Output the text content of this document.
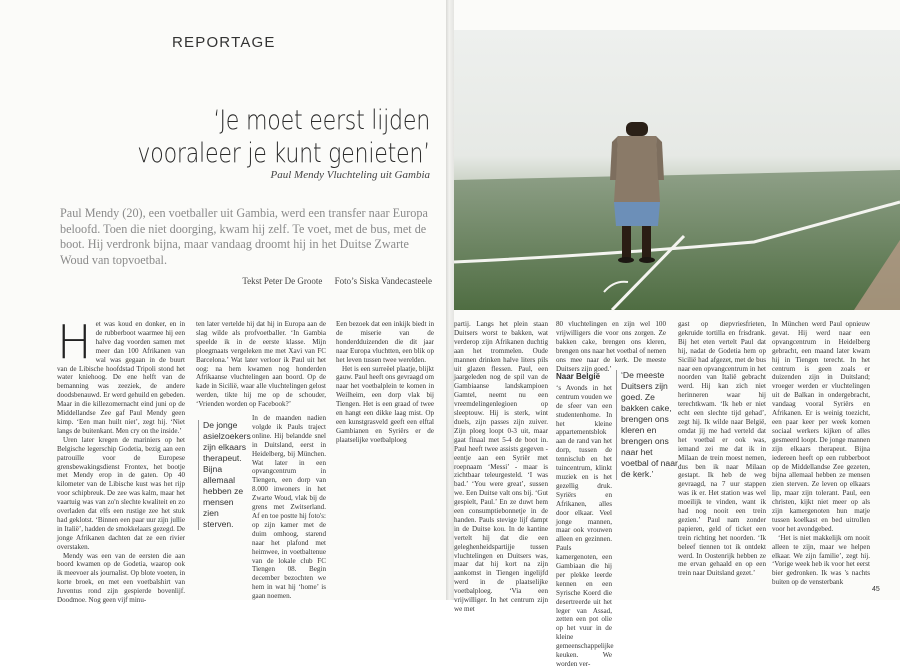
REPORTAGE
‘Je moet eerst lijden
vooraleer je kunt genieten’
Paul Mendy Vluchteling uit Gambia

Paul Mendy (20), een voetballer uit Gambia, werd een transfer naar Europa beloofd. Toen die niet doorging, kwam hij zelf. Te voet, met de bus, met de boot. Hij verdronk bijna, maar vandaag droomt hij in het Duitse Zwarte Woud van topvoetbal.

Tekst Peter De Groote Foto’s Siska Vandecasteele

Het was koud en donker, en in de rubberboot waarmee hij een halve dag voorden samen met meer dan 100 Afrikanen van wal was gegaan in de buurt van de Libische hoofdstad Tripoli stond het water kniehoog. De ene helft van de bemanning was zeeziek, de andere doodsbenauwd. Er werd gehuild en gebeden. Maar in die killezomernacht eind juni op de Middellandse Zee gaf Paul Mendy geen kimp. ‘Een man huilt niet’, zegt hij. ‘Niet langs de buitenkant. Men cry on the inside.’

Uren later kregen de mariniers op het Belgische legerschip Godetia, bezig aan een patrouille voor de Europese grensbewakingsdienst Frontex, het bootje met Mendy erop in de gaten. Op 40 kilometer van de Libische kust was het rijp voor schipbreuk. De zee was kalm, maar het vaartuig was van zo'n slechte kwaliteit en zo overladen dat elfs een rustige zee het stuk had geklotst. ‘Binnen een paar uur zijn jullie in Italië’, hadden de smokkelaars gezegd. De jonge Afrikanen dachten dat ze een rivier overstaken.

Mendy was een van de eersten die aan boord kwamen op de Godetia, waarop ook ik meevoer als journalist. Op blote voeten, in korte broek, en met een voetbalshirt van Juventus rond zijn gespierde bovenlijf. Doodmoe. Nog geen vijf minu-

ten later vertelde hij dat hij in Europa aan de slag wilde als profvoetballer. ‘In Gambia speelde ik in de eerste klasse. Mijn ploegmaats vergeleken me met Xavi van FC Barcelona.’ Wat later verloor ik Paul uit het oog: na hem kwamen nog honderden Afrikaanse vluchtelingen aan boord. Op de kade in Sicilië, waar alle vluchtelingen gelost werden, tikte hij me op de schouder, ‘Vrienden worden op Facebook?’

De jonge asielzoekers zijn elkaars therapeut. Bijna allemaal hebben ze mensen zien sterven.

In de maanden nadien volgde ik Pauls traject online. Hij belandde snel in Duitsland, eerst in Heidelberg, bij München. Wat later in een opvangcentrum in Tiengen, een dorp van 8.000 inwoners in het Zwarte Woud, vlak bij de grens met Zwitserland. Af en toe postte hij foto's: op zijn kamer met de duim omhoog, starend naar het plafond met heimwee, in voetbaltenue van de lokale club FC Tiengen 08. Begin december bezochten we hem in wat hij ‘home’ is gaan noemen.

Een bezoek dat een inkijk biedt in de miserie van de honderdduizenden die dit jaar naar Europa vluchtten, een blik op het leven tussen twee werelden.

Het is een surreëel plaatje, blijkt gauw. Paul heeft ons gevraagd om naar het voetbalplein te komen in Weilheim, een dorp vlak bij Tiengen. Het is een graad of twee en hangt een dikke laag mist. Op een kunstgrasveld geeft een elftal Gambianen en Syriërs er de plaatselijke voetbalploeg

partij. Langs het plein staan Duitsers worst te bakken, wat verderop zijn Afrikanen duchtig aan het trommelen. Oude mannen drinken halve liters pils uit glazen flessen. Paul, een jaargeleden nog de spil van de Gambiaanse landskampioen Gamtel, neemt nu een vreemdelingenlegioen op sleeptouw. Hij is sterk, wint duels, zijn passes zijn zuiver. Zijn ploeg loopt 0-3 uit, maar gaat finaal met 5-4 de boot in. Paul heeft twee assists gegeven - eentje aan een Syriër met roepnaam ‘Messi’ - maar is zichtbaar teleurgesteld. ‘I was bad.’ ‘You were great’, sussen we. Een Duitse valt ons bij. ‘Gut gespielt, Paul.’ En ze duwt hem een consumptiebonnetje in de handen. Pauls stevige lijf dampt in de Duitse kou. In de kantine vertelt hij dat die een geleghenheidspartijje tussen vluchtelingen en Duitsers was, maar dat hij kort na zijn aankomst in Tiengen ingelijfd werd in de plaatselijke voetbalploeg. ‘Via een vrijwilliger. In het centrum zijn we met

80 vluchtelingen en zijn wel 100 vrijwilligers die voor ons zorgen. Ze bakken cake, brengen ons kleren, brengen ons naar het voetbal of nemen ons mee naar de kerk. De meeste Duitsers zijn goed.’

Naar België

‘s Avonds in het centrum vouden we de sfeer van een studentenhome. In het kleine appartementsblok aan de rand van het dorp, tussen de tennisclub en het tuincentrum, klinkt muziek en is het gezellig druk. Syriërs en Afrikanen, alles door elkaar. Veel jonge mannen, maar ook vrouwen alleen en gezinnen. Pauls kamergenoten, een Gambiaan die hij per plekke leerde kennen en een Syrische Koerd die desertreerde uit het leger van Assad, zetten een pot olie op het vuur in de kleine gemeenschappelijke keuken. We worden ver-

‘De meeste Duitsers zijn goed. Ze bakken cake, brengen ons kleren en brengen ons naar het voetbal of naar de kerk.’

gast op diepvriesfrieten, gekruide tortilla en frisdrank. Bij het eten vertelt Paul dat hij, nadat de Godetia hem op Sicilië had afgezet, met de bus naar een opvangcentrum in het noorden van Italië gebracht werd. Hij kan zich niet herinneren waar hij terechtkwam. ‘Ik heb er niet echt een slechte tijd gehad’, zegt hij. Ik wilde naar België, omdat jij me had verteld dat het voetbal er ook was, iemand zei me dat ik in Milaan de trein moest nemen, dus ben ik naar Milaan gestapt. Ik heb de weg gevraagd, na 7 uur stappen was ik er. Het station was wel moeilijk te vinden, want ik had nog nooit een trein gezien.’ Paul nam zonder papieren, geld of ticket een trein richting het noorden. ‘Ik beleef tiennen tot ik ontdekt werd. In Oostenrijk hebben ze me ervan gehaald en op een trein naar Duitsland gezet.’

In München werd Paul opnieuw gevat. Hij werd naar een opvangcentrum in Heidelberg gebracht, een maand later kwam hij in Tiengen terecht. In het centrum is geen zoals er duizenden zijn in Duitsland; vroeger werden er vluchtelingen uit de Balkan in ondergebracht, vandaag vooral Syriërs en Afrikanen. Er is weinig toezicht, een paar keer per week komen sociaal werkers kijken of alles gesmeerd loopt. De jonge mannen zijn elkaars therapeut. Bijna iedereen heeft op een rubberboot op de Middellandse Zee gezeten, bijna allemaal hebben ze mensen zien sterven. Ze leven op elkaars lip, maar zijn tolerant. Paul, een christen, kijkt niet meer op als zijn kamergenoten hun matje tussen koelkast en bed uitrollen voor het avondgebed.

‘Het is niet makkelijk om nooit alleen te zijn, maar we helpen elkaar. We zijn familie’, zegt hij. ‘Vorige week heb ik voor het eerst bier gedronken. Ik was 's nachts buiten op de vensterbank

45
